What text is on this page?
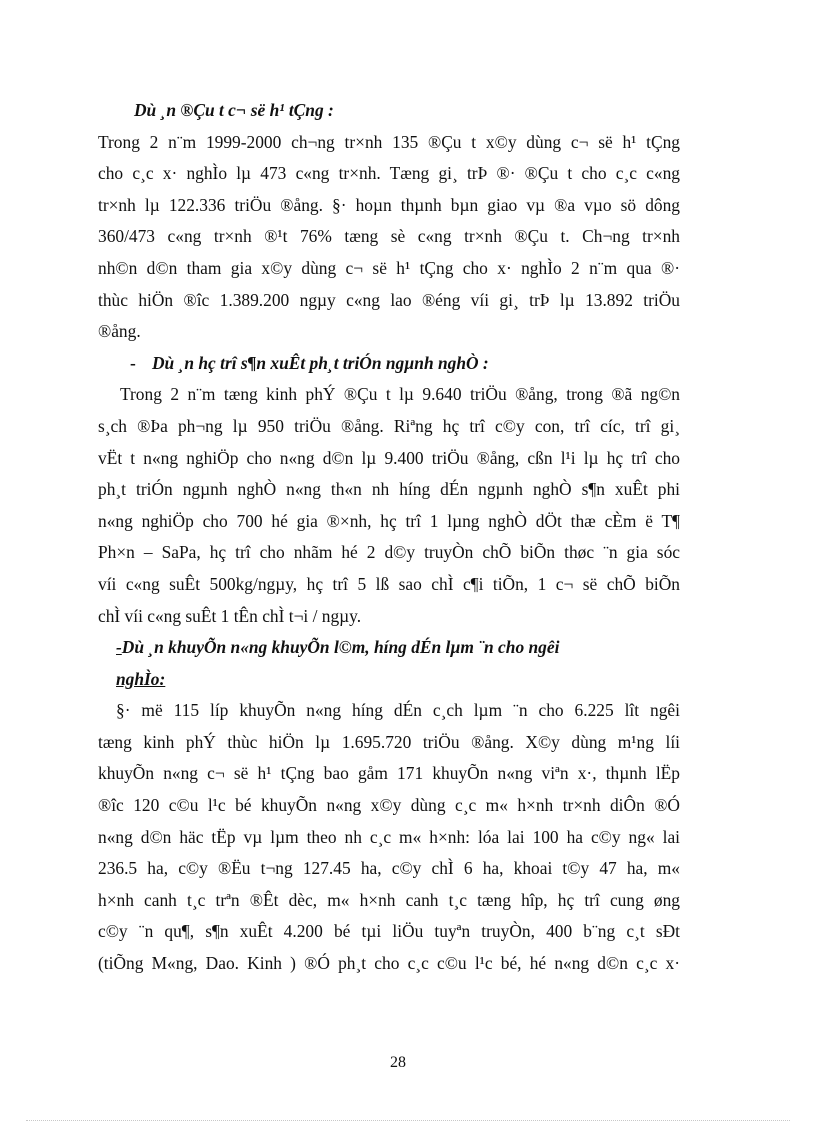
Dù ¸n ®Çu t c¬ së h¹ tÇng :
Trong 2 n¨m 1999-2000 ch¬ng tr×nh 135 ®Çu t x©y dùng c¬ së h¹ tÇng
cho c¸c x· nghÌo lµ 473 c«ng tr×nh. Tæng gi¸ trÞ ®· ®Çu t cho c¸c c«ng
tr×nh lµ 122.336 triÖu ®ång. §· hoµn thµnh bµn giao vµ ®a vµo sö dông
360/473 c«ng tr×nh ®¹t 76% tæng sè c«ng tr×nh ®Çu t. Ch¬ng tr×nh
nh©n d©n tham gia x©y dùng c¬ së h¹ tÇng cho x· nghÌo 2 n¨m qua ®·
thùc hiÖn ®îc 1.389.200 ngµy c«ng lao ®éng víi gi¸ trÞ lµ 13.892 triÖu
®ång.
- Dù ¸n hç trî s¶n xuÊt ph¸t triÓn ngµnh nghÒ :
Trong 2 n¨m tæng kinh phÝ ®Çu t lµ 9.640 triÖu ®ång, trong ®ã ng©n
s¸ch ®Þa ph¬ng lµ 950 triÖu ®ång. Riªng hç trî c©y con, trî cíc, trî gi¸
vËt t n«ng nghiÖp cho n«ng d©n lµ 9.400 triÖu ®ång, cßn l¹i lµ hç trî cho
ph¸t triÓn ngµnh nghÒ n«ng th«n nh híng dÉn ngµnh nghÒ s¶n xuÊt phi
n«ng nghiÖp cho 700 hé gia ®×nh, hç trî 1 lµng nghÒ dÖt thæ cÈm ë T¶
Ph×n – SaPa, hç trî cho nhãm hé 2 d©y truyÒn chÕ biÕn thøc ¨n gia sóc
víi c«ng suÊt 500kg/ngµy, hç trî 5 lß sao chÌ c¶i tiÕn, 1 c¬ së chÕ biÕn
chÌ víi c«ng suÊt 1 tÊn chÌ t¬i / ngµy.
-Dù ¸n khuyÕn n«ng khuyÕn l©m, híng dÉn lµm ¨n cho ngêi
nghÌo:
§· më 115 líp khuyÕn n«ng híng dÉn c¸ch lµm ¨n cho 6.225 lît ngêi
tæng kinh phÝ thùc hiÖn lµ 1.695.720 triÖu ®ång. X©y dùng m¹ng líi
khuyÕn n«ng c¬ së h¹ tÇng bao gåm 171 khuyÕn n«ng viªn x·, thµnh lËp
®îc 120 c©u l¹c bé khuyÕn n«ng x©y dùng c¸c m« h×nh tr×nh diÔn ®Ó
n«ng d©n häc tËp vµ lµm theo nh c¸c m« h×nh: lóa lai 100 ha c©y ng« lai
236.5 ha, c©y ®Ëu t¬ng 127.45 ha, c©y chÌ 6 ha, khoai t©y 47 ha, m«
h×nh canh t¸c trªn ®Êt dèc, m« h×nh canh t¸c tæng hîp, hç trî cung øng
c©y ¨n qu¶, s¶n xuÊt 4.200 bé tµi liÖu tuyªn truyÒn, 400 b¨ng c¸t sÐt
(tiÕng M«ng, Dao. Kinh ) ®Ó ph¸t cho c¸c c©u l¹c bé, hé n«ng d©n c¸c x·
28
